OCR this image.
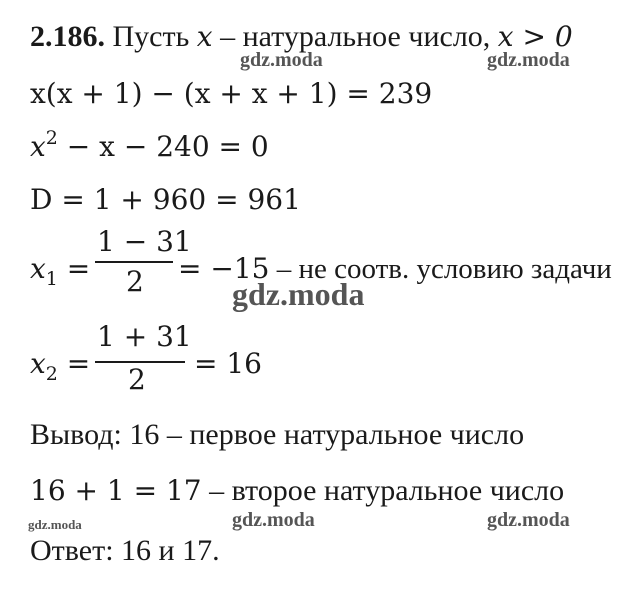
2.186. Пусть x – натуральное число, x > 0
x(x + 1) − (x + x + 1) = 239
$x^2 - x - 240 = 0$
D = 1 + 960 = 961
$x_1$ =
1 − 31
2 = −15 – не соотв. условию задачи
$x_2$ =
1 + 31
2 = 16
Вывод: 16 – первое натуральное число
16 + 1 = 17 – второе натуральное число
Ответ: 16 и 17.
gdz.moda	gdz.moda
gdz.moda
gdz.moda	gdz.moda	gdz.moda
